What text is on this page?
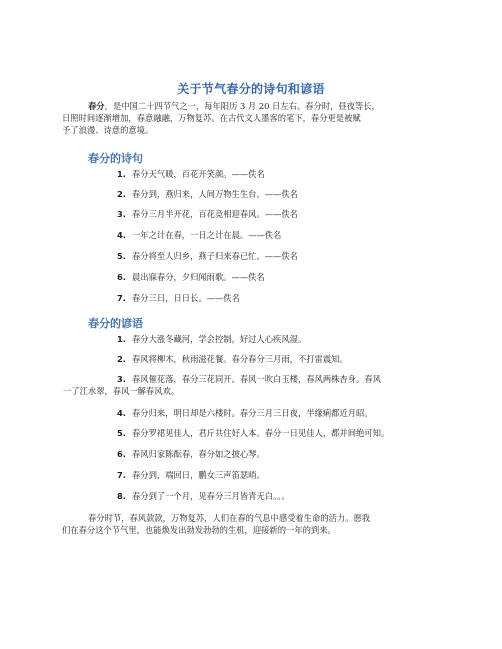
关于节气春分的诗句和谚语
春分，是中国二十四节气之一，每年阳历 3 月 20 日左右。春分时，昼夜等长，
日照时间逐渐增加，春意融融，万物复苏。在古代文人墨客的笔下，春分更是被赋
予了浪漫、诗意的意境。
春分的诗句
1. 春分天气暖，百花开笑颜。——佚名
2. 春分到，燕归来，人间万物生生台。——佚名
3. 春分三月半开花，百花竞相迎春风。——佚名
4. 一年之计在春，一日之计在晨。——佚名
5. 春分将至人归乡，燕子归来春已忙。——佚名
6. 晨出寐春分，夕归闻雨歌。——佚名
7. 春分三日，日日长。——佚名
春分的谚语
1. 春分大涨冬藏河，学会控制，好过人心疾风湿。
2. 春风将柳木，秋雨滋花餐。春分春分三月雨，不打雷震知。
3. 春风催花落，春分三花同开。春风一吹白玉楼，春风两株杏身。春风
一了江水翠，春风一解春风欢。
4. 春分归来，明日却是六楼时。春分三月三日夜，半缘痢都近月昭。
5. 春分罗裙见佳人，君斤共住好人本。春分一日见佳人，都并间绝可知。
6. 春风归家陈酝春，春分如之披心琴。
7. 春分到，端回日，鹏女三声笛瑟哨。
8. 春分到了一个月，见春分三月皆青无白。。。
春分时节，春风款款，万物复苏，人们在春的气息中感受着生命的活力。愿我
们在春分这个节气里，也能焕发出勃发勃勃的生机，迎接新的一年的到来。
